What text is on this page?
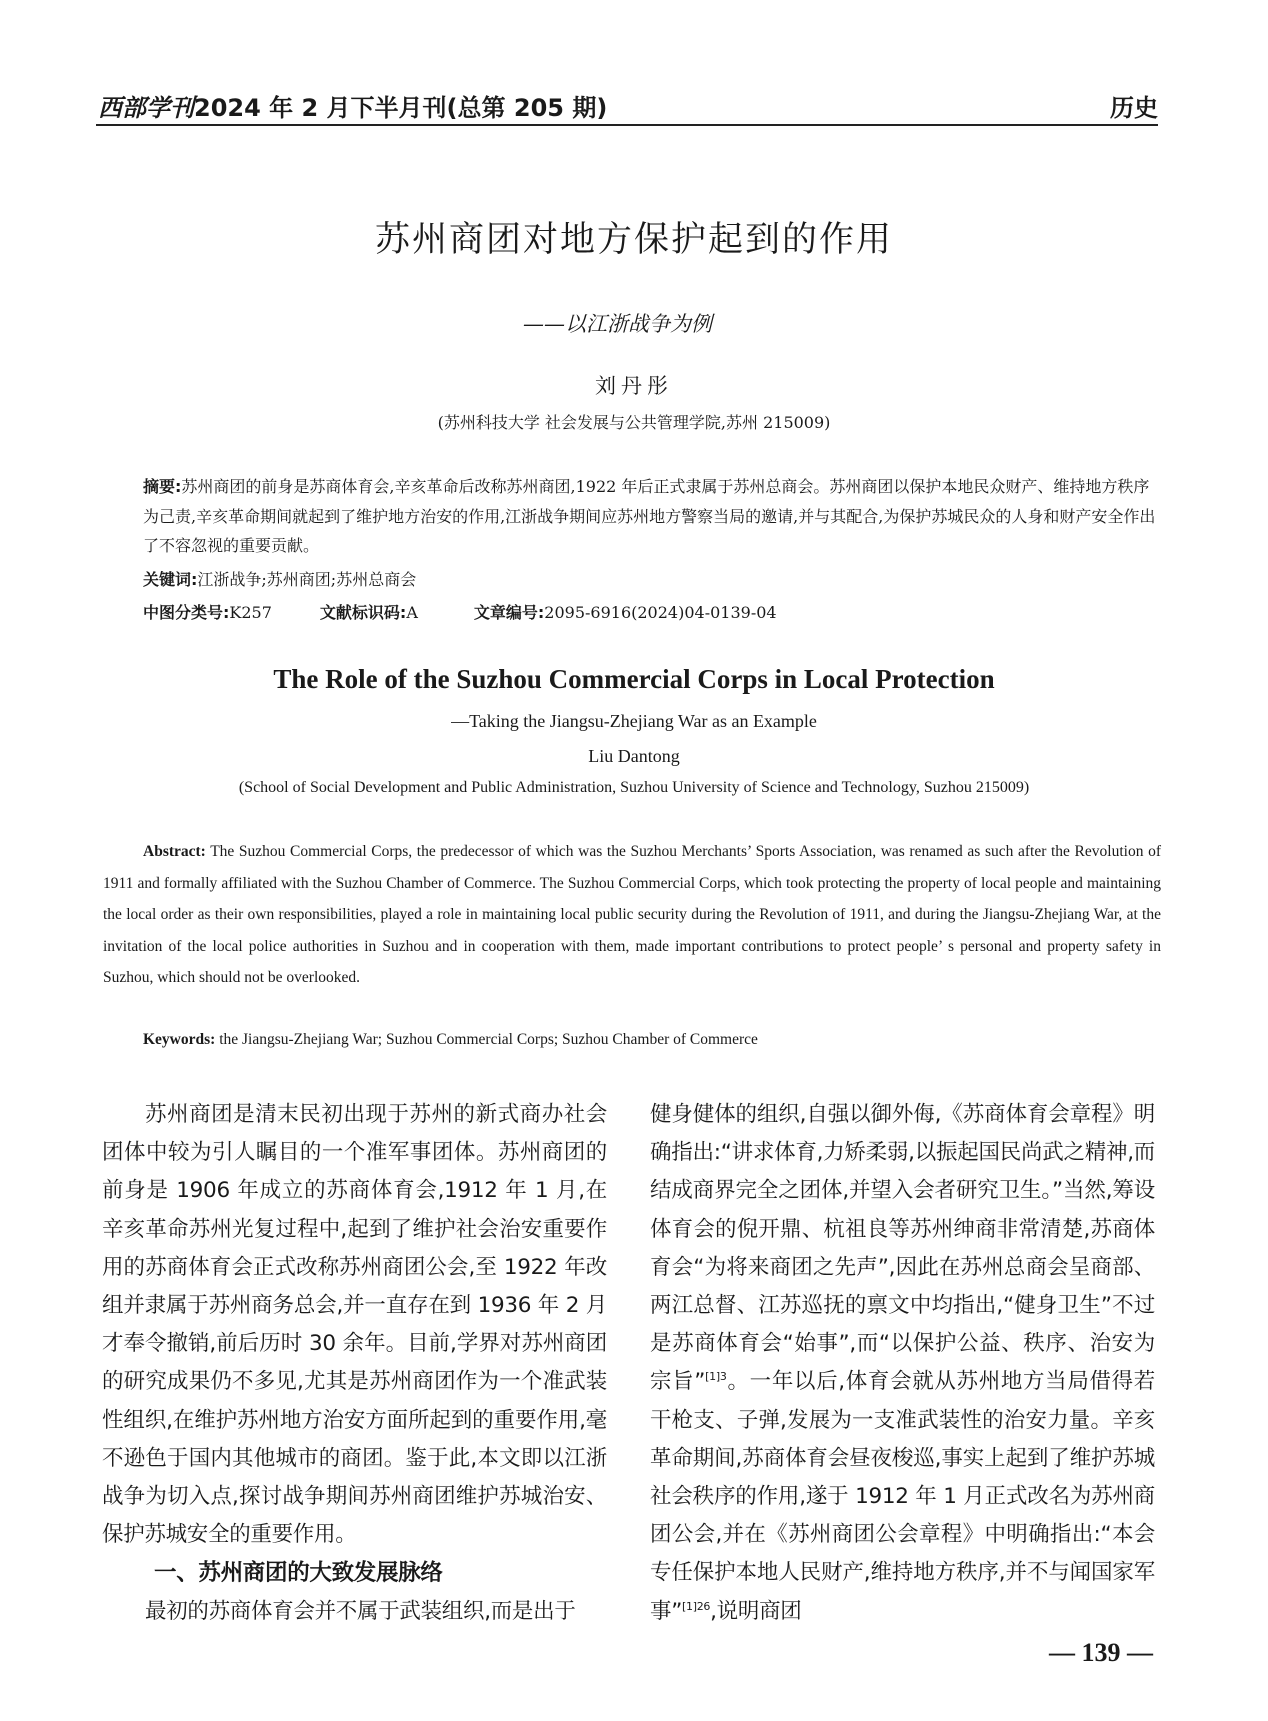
西部学刊2024 年 2 月下半月刊(总第 205 期)	历史
苏州商团对地方保护起到的作用
——以江浙战争为例
刘丹彤
(苏州科技大学 社会发展与公共管理学院,苏州 215009)
摘要:苏州商团的前身是苏商体育会,辛亥革命后改称苏州商团,1922 年后正式隶属于苏州总商会。苏州商团以保护本地民众财产、维持地方秩序为己责,辛亥革命期间就起到了维护地方治安的作用,江浙战争期间应苏州地方警察当局的邀请,并与其配合,为保护苏城民众的人身和财产安全作出了不容忽视的重要贡献。
关键词:江浙战争;苏州商团;苏州总商会
中图分类号:K257	文献标识码:A	文章编号:2095-6916(2024)04-0139-04
The Role of the Suzhou Commercial Corps in Local Protection
—Taking the Jiangsu-Zhejiang War as an Example
Liu Dantong
(School of Social Development and Public Administration, Suzhou University of Science and Technology, Suzhou 215009)
Abstract: The Suzhou Commercial Corps, the predecessor of which was the Suzhou Merchants’ Sports Association, was renamed as such after the Revolution of 1911 and formally affiliated with the Suzhou Chamber of Commerce. The Suzhou Commercial Corps, which took protecting the property of local people and maintaining the local order as their own responsibilities, played a role in maintaining local public security during the Revolution of 1911, and during the Jiangsu-Zhejiang War, at the invitation of the local police authorities in Suzhou and in cooperation with them, made important contributions to protect people’ s personal and property safety in Suzhou, which should not be overlooked.
Keywords: the Jiangsu-Zhejiang War; Suzhou Commercial Corps; Suzhou Chamber of Commerce

苏州商团是清末民初出现于苏州的新式商办社会团体中较为引人瞩目的一个准军事团体。苏州商团的前身是 1906 年成立的苏商体育会,1912 年 1 月,在辛亥革命苏州光复过程中,起到了维护社会治安重要作用的苏商体育会正式改称苏州商团公会,至 1922 年改组并隶属于苏州商务总会,并一直存在到 1936 年 2 月才奉令撤销,前后历时 30 余年。目前,学界对苏州商团的研究成果仍不多见,尤其是苏州商团作为一个准武装性组织,在维护苏州地方治安方面所起到的重要作用,毫不逊色于国内其他城市的商团。鉴于此,本文即以江浙战争为切入点,探讨战争期间苏州商团维护苏城治安、保护苏城安全的重要作用。

一、苏州商团的大致发展脉络

最初的苏商体育会并不属于武装组织,而是出于

健身健体的组织,自强以御外侮,《苏商体育会章程》明确指出:“讲求体育,力矫柔弱,以振起国民尚武之精神,而结成商界完全之团体,并望入会者研究卫生。”当然,筹设体育会的倪开鼎、杭祖良等苏州绅商非常清楚,苏商体育会“为将来商团之先声”,因此在苏州总商会呈商部、两江总督、江苏巡抚的禀文中均指出,“健身卫生”不过是苏商体育会“始事”,而“以保护公益、秩序、治安为宗旨”$^{[1]3}$。一年以后,体育会就从苏州地方当局借得若干枪支、子弹,发展为一支准武装性的治安力量。辛亥革命期间,苏商体育会昼夜梭巡,事实上起到了维护苏城社会秩序的作用,遂于 1912 年 1 月正式改名为苏州商团公会,并在《苏州商团公会章程》中明确指出:“本会专任保护本地人民财产,维持地方秩序,并不与闻国家军事”$^{[1]26}$,说明商团

— 139 —
